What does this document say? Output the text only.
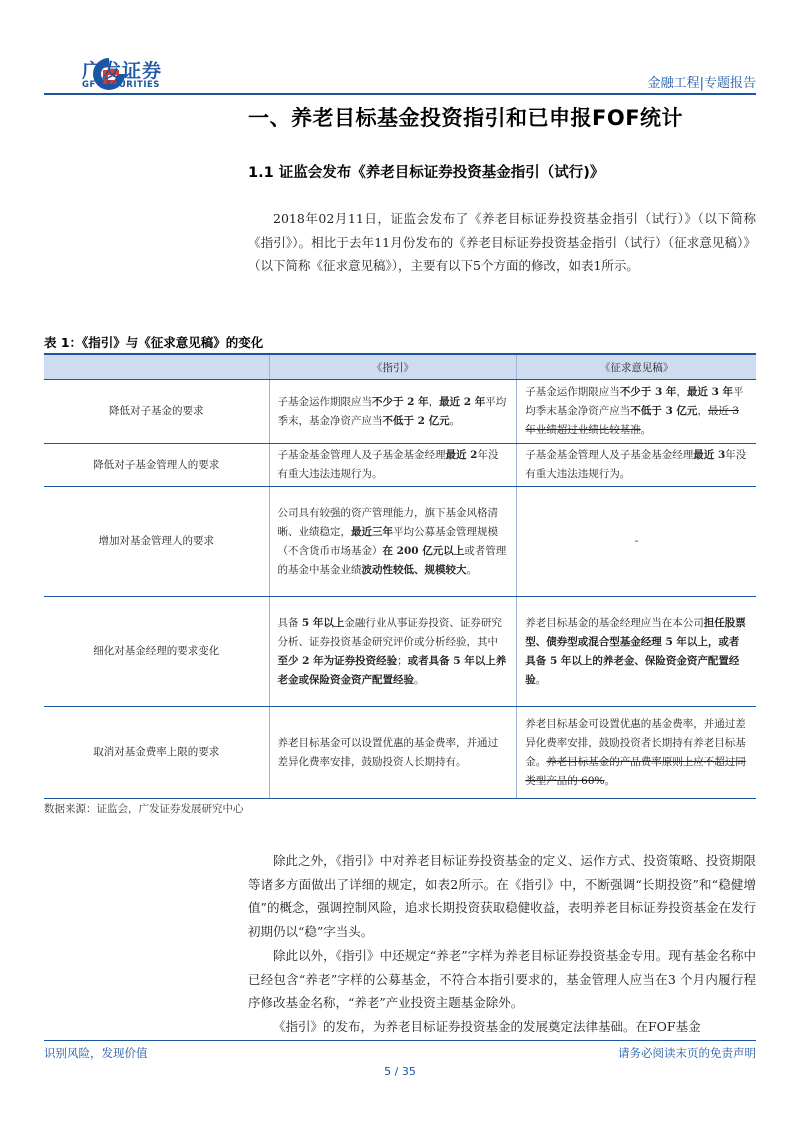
广发证券
GF SECURITIES	金融工程|专题报告
一、养老目标基金投资指引和已申报FOF统计
1.1 证监会发布《养老目标证券投资基金指引（试行)》

2018年02月11日，证监会发布了《养老目标证券投资基金指引（试行）》（以下简称《指引》）。相比于去年11月份发布的《养老目标证券投资基金指引（试行）（征求意见稿）》（以下简称《征求意见稿》），主要有以下5个方面的修改，如表1所示。

表 1：《指引》与《征求意见稿》的变化
	《指引》	《征求意见稿》
降低对子基金的要求	子基金运作期限应当不少于 2 年，最近 2 年平均季末，基金净资产应当不低于 2 亿元。	子基金运作期限应当不少于 3 年，最近 3 年平均季末基金净资产应当不低于 3 亿元，最近 3 年业绩超过业绩比较基准。
降低对子基金管理人的要求	子基金基金管理人及子基金基金经理最近 2年没有重大违法违规行为。	子基金基金管理人及子基金基金经理最近 3年没有重大违法违规行为。
增加对基金管理人的要求	公司具有较强的资产管理能力，旗下基金风格清晰、业绩稳定，最近三年平均公募基金管理规模（不含货币市场基金）在 200 亿元以上或者管理的基金中基金业绩波动性较低、规模较大。	-
细化对基金经理的要求变化	具备 5 年以上金融行业从事证券投资、证券研究分析、证券投资基金研究评价或分析经验，其中至少 2 年为证券投资经验；或者具备 5 年以上养老金或保险资金资产配置经验。	养老目标基金的基金经理应当在本公司担任股票型、债券型或混合型基金经理 5 年以上，或者具备 5 年以上的养老金、保险资金资产配置经验。
取消对基金费率上限的要求	养老目标基金可以设置优惠的基金费率，并通过差异化费率安排，鼓励投资人长期持有。	养老目标基金可设置优惠的基金费率，并通过差异化费率安排，鼓励投资者长期持有养老目标基金。养老目标基金的产品费率原则上应不超过同类型产品的 60%。
数据来源：证监会，广发证券发展研究中心

除此之外，《指引》中对养老目标证券投资基金的定义、运作方式、投资策略、投资期限等诸多方面做出了详细的规定，如表2所示。在《指引》中，不断强调“长期投资”和“稳健增值”的概念，强调控制风险，追求长期投资获取稳健收益，表明养老目标证券投资基金在发行初期仍以“稳”字当头。

除此以外，《指引》中还规定“养老”字样为养老目标证券投资基金专用。现有基金名称中已经包含“养老”字样的公募基金，不符合本指引要求的，基金管理人应当在3 个月内履行程序修改基金名称，“养老”产业投资主题基金除外。

《指引》的发布，为养老目标证券投资基金的发展奠定法律基础。在FOF基金

识别风险，发现价值	请务必阅读末页的免责声明
5 / 35
